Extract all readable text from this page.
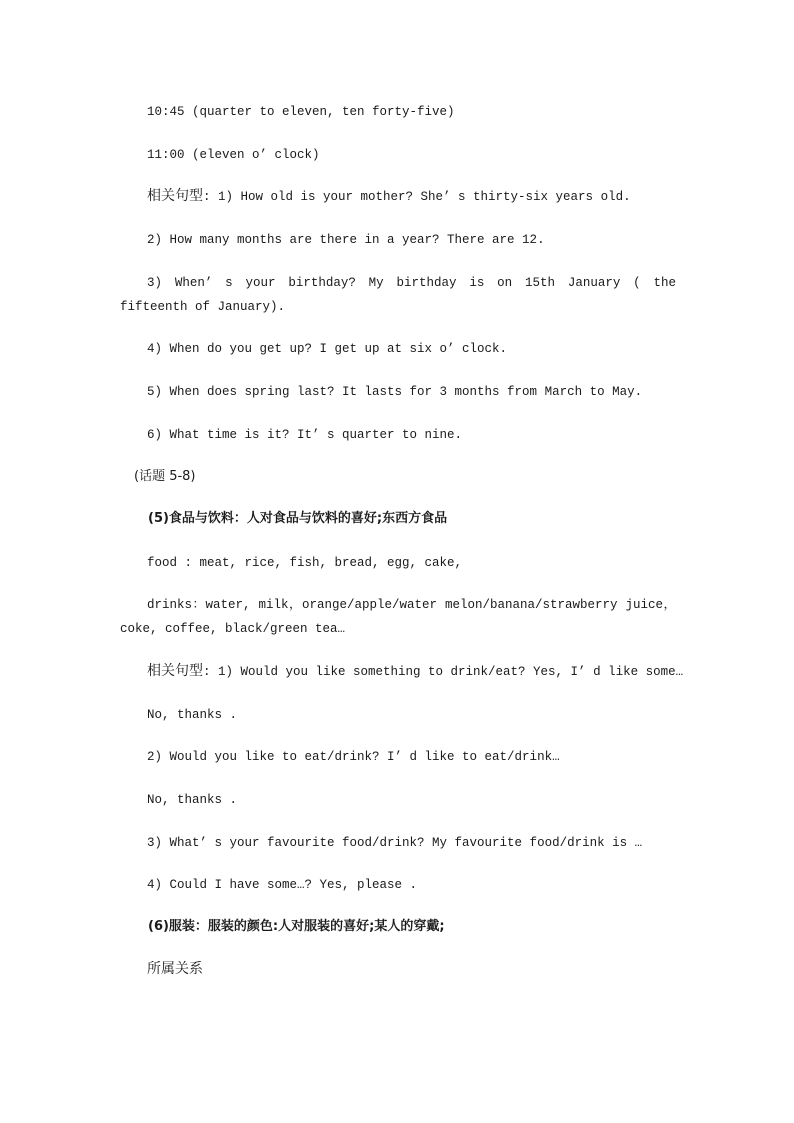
10:45 (quarter to eleven, ten forty-five)
11:00 (eleven o’ clock)
相关句型: 1) How old is your mother? She’ s thirty-six years old.
2) How many months are there in a year? There are 12.
3) When’ s your birthday? My birthday is on 15th January ( the fifteenth of January).
4) When do you get up? I get up at six o’ clock.
5) When does spring last? It lasts for 3 months from March to May.
6) What time is it? It’ s quarter to nine.
(话题 5-8)
(5)食品与饮料：人对食品与饮料的喜好;东西方食品
food : meat, rice, fish, bread, egg, cake,
drinks：water, milk，orange/apple/water melon/banana/strawberry juice，coke, coffee, black/green tea…
相关句型: 1) Would you like something to drink/eat? Yes, I’ d like some…
No, thanks .
2) Would you like to eat/drink? I’ d like to eat/drink…
No, thanks .
3) What’ s your favourite food/drink? My favourite food/drink is …
4) Could I have some…? Yes, please .
(6)服装：服装的颜色:人对服装的喜好;某人的穿戴;
所属关系
